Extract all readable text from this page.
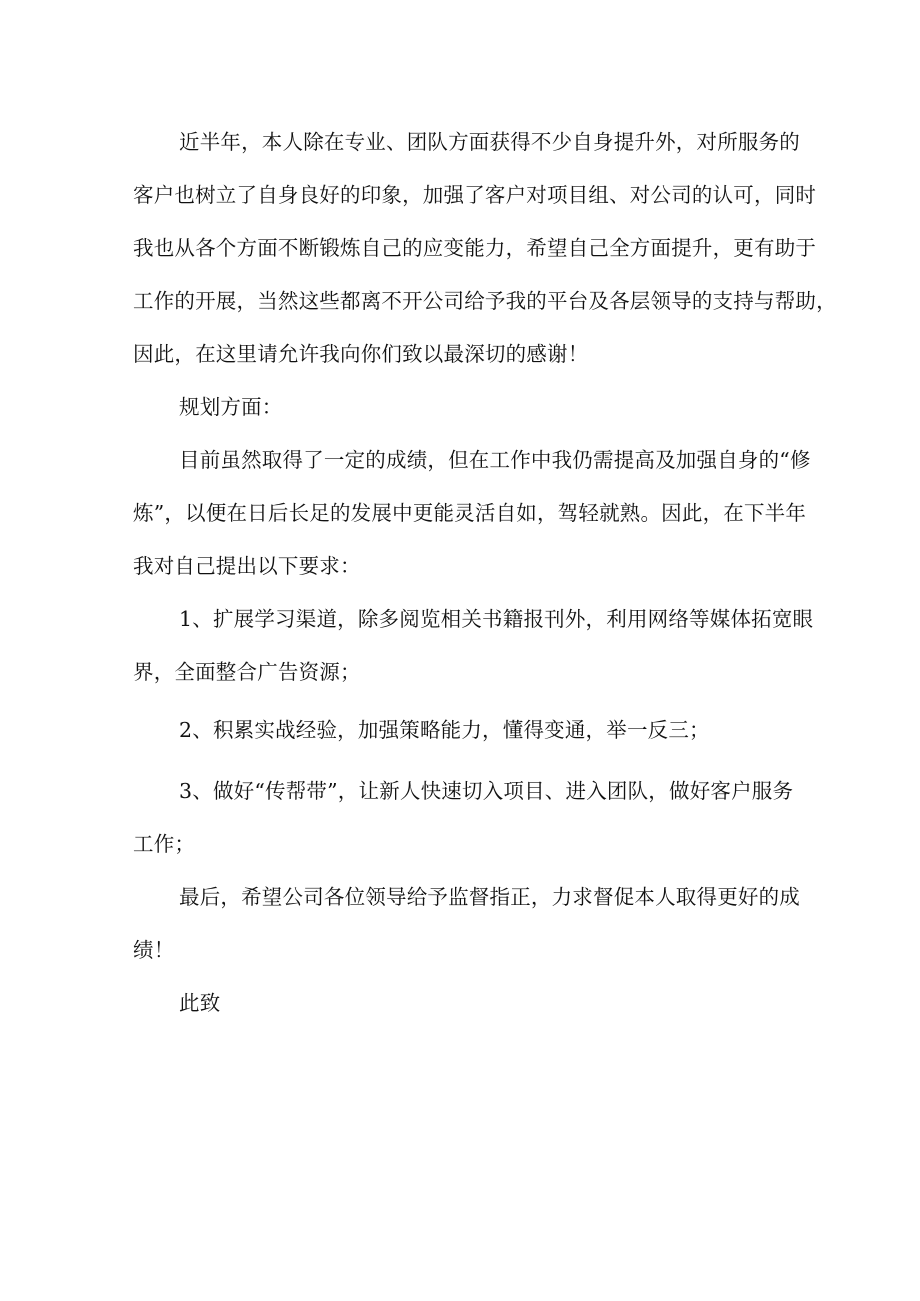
近半年，本人除在专业、团队方面获得不少自身提升外，对所服务的
客户也树立了自身良好的印象，加强了客户对项目组、对公司的认可，同时
我也从各个方面不断锻炼自己的应变能力，希望自己全方面提升，更有助于
工作的开展，当然这些都离不开公司给予我的平台及各层领导的支持与帮助，
因此，在这里请允许我向你们致以最深切的感谢！
规划方面：
目前虽然取得了一定的成绩，但在工作中我仍需提高及加强自身的“修
炼”，以便在日后长足的发展中更能灵活自如，驾轻就熟。因此，在下半年
我对自己提出以下要求：
1、扩展学习渠道，除多阅览相关书籍报刊外，利用网络等媒体拓宽眼
界，全面整合广告资源；
2、积累实战经验，加强策略能力，懂得变通，举一反三；
3、做好“传帮带”，让新人快速切入项目、进入团队，做好客户服务
工作；
最后，希望公司各位领导给予监督指正，力求督促本人取得更好的成
绩！
此致
